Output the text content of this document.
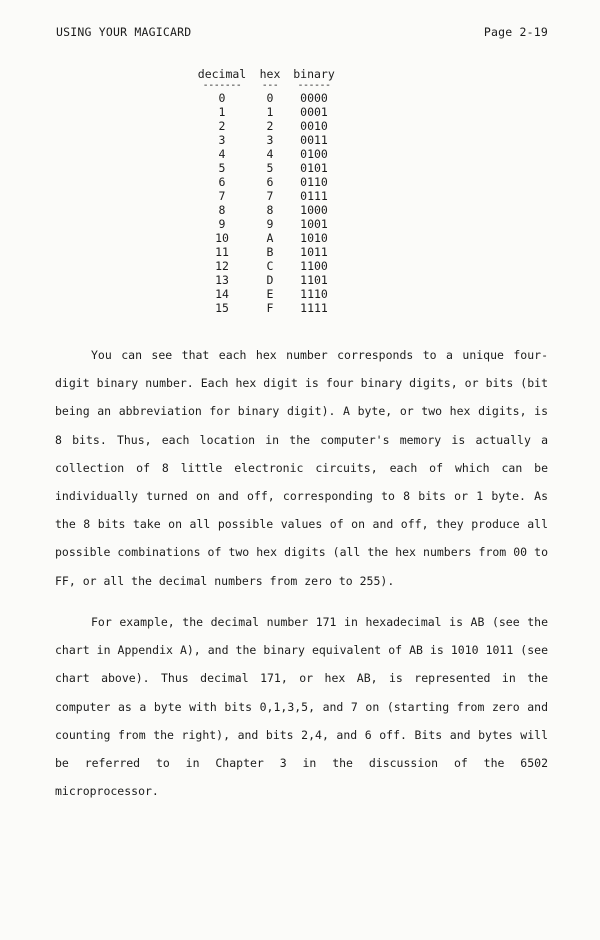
USING YOUR MAGICARD	Page 2-19
decimal	hex	binary
-------	---	------
0	0	0000
1	1	0001
2	2	0010
3	3	0011
4	4	0100
5	5	0101
6	6	0110
7	7	0111
8	8	1000
9	9	1001
10	A	1010
11	B	1011
12	C	1100
13	D	1101
14	E	1110
15	F	1111

You can see that each hex number corresponds to a unique four-digit binary number. Each hex digit is four binary digits, or bits (bit being an abbreviation for binary digit). A byte, or two hex digits, is 8 bits. Thus, each location in the computer's memory is actually a collection of 8 little electronic circuits, each of which can be individually turned on and off, corresponding to 8 bits or 1 byte. As the 8 bits take on all possible values of on and off, they produce all possible combinations of two hex digits (all the hex numbers from 00 to FF, or all the decimal numbers from zero to 255).

For example, the decimal number 171 in hexadecimal is AB (see the chart in Appendix A), and the binary equivalent of AB is 1010 1011 (see chart above). Thus decimal 171, or hex AB, is represented in the computer as a byte with bits 0,1,3,5, and 7 on (starting from zero and counting from the right), and bits 2,4, and 6 off. Bits and bytes will be referred to in Chapter 3 in the discussion of the 6502 microprocessor.
